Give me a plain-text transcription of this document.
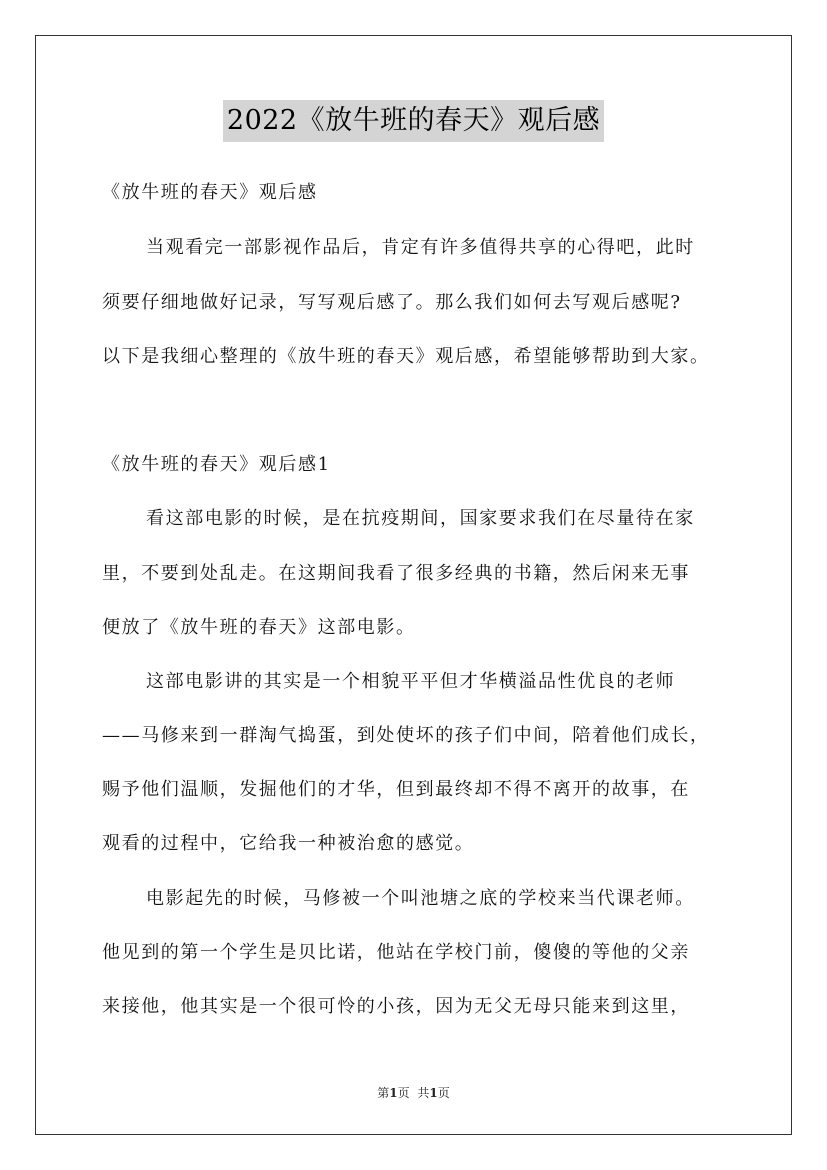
2022《放牛班的春天》观后感
《放牛班的春天》观后感
当观看完一部影视作品后，肯定有许多值得共享的心得吧，此时
须要仔细地做好记录，写写观后感了。那么我们如何去写观后感呢?
以下是我细心整理的《放牛班的春天》观后感，希望能够帮助到大家。
《放牛班的春天》观后感1
看这部电影的时候，是在抗疫期间，国家要求我们在尽量待在家
里，不要到处乱走。在这期间我看了很多经典的书籍，然后闲来无事
便放了《放牛班的春天》这部电影。
这部电影讲的其实是一个相貌平平但才华横溢品性优良的老师
——马修来到一群淘气捣蛋，到处使坏的孩子们中间，陪着他们成长，
赐予他们温顺，发掘他们的才华，但到最终却不得不离开的故事，在
观看的过程中，它给我一种被治愈的感觉。
电影起先的时候，马修被一个叫池塘之底的学校来当代课老师。
他见到的第一个学生是贝比诺，他站在学校门前，傻傻的等他的父亲
来接他，他其实是一个很可怜的小孩，因为无父无母只能来到这里，
第1页 共1页
